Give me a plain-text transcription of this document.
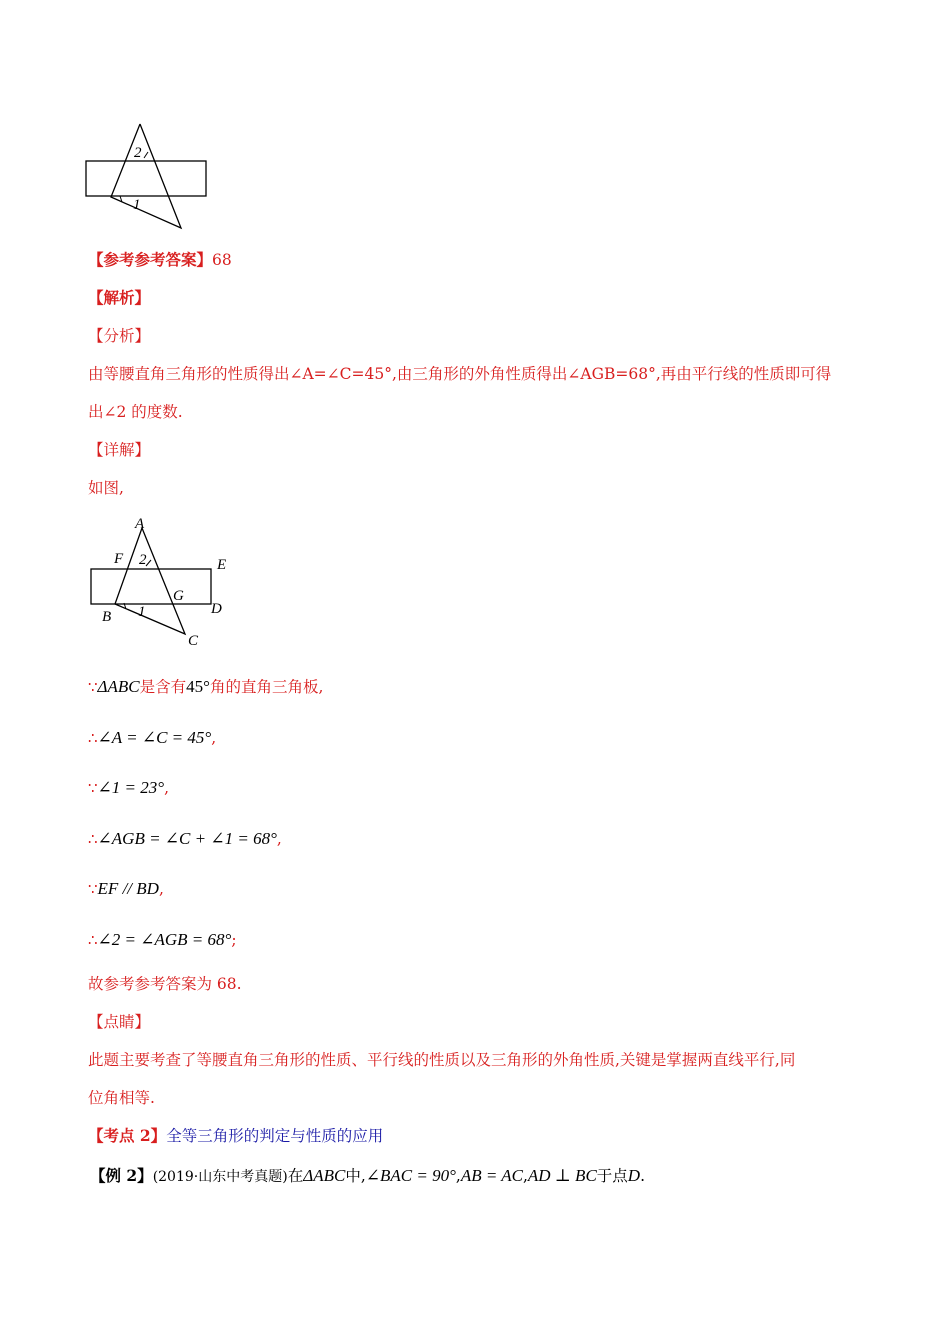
2
1
【参考参考答案】68
【解析】
【分析】
由等腰直角三角形的性质得出∠A=∠C=45°,由三角形的外角性质得出∠AGB=68°,再由平行线的性质即可得
出∠2 的度数.
【详解】
如图,
A
F 2	E
G
B 1	D
C
∵ΔABC是含有45°角的直角三角板,
∴∠A = ∠C = 45°,
∵∠1 = 23°,
∴∠AGB = ∠C + ∠1 = 68°,
∵EF // BD,
∴∠2 = ∠AGB = 68°;
故参考参考答案为 68.
【点睛】
此题主要考查了等腰直角三角形的性质、平行线的性质以及三角形的外角性质,关键是掌握两直线平行,同
位角相等.
【考点 2】全等三角形的判定与性质的应用
【例 2】(2019·山东中考真题)在ΔABC中,∠BAC = 90°,AB = AC,AD ⊥ BC于点D.
